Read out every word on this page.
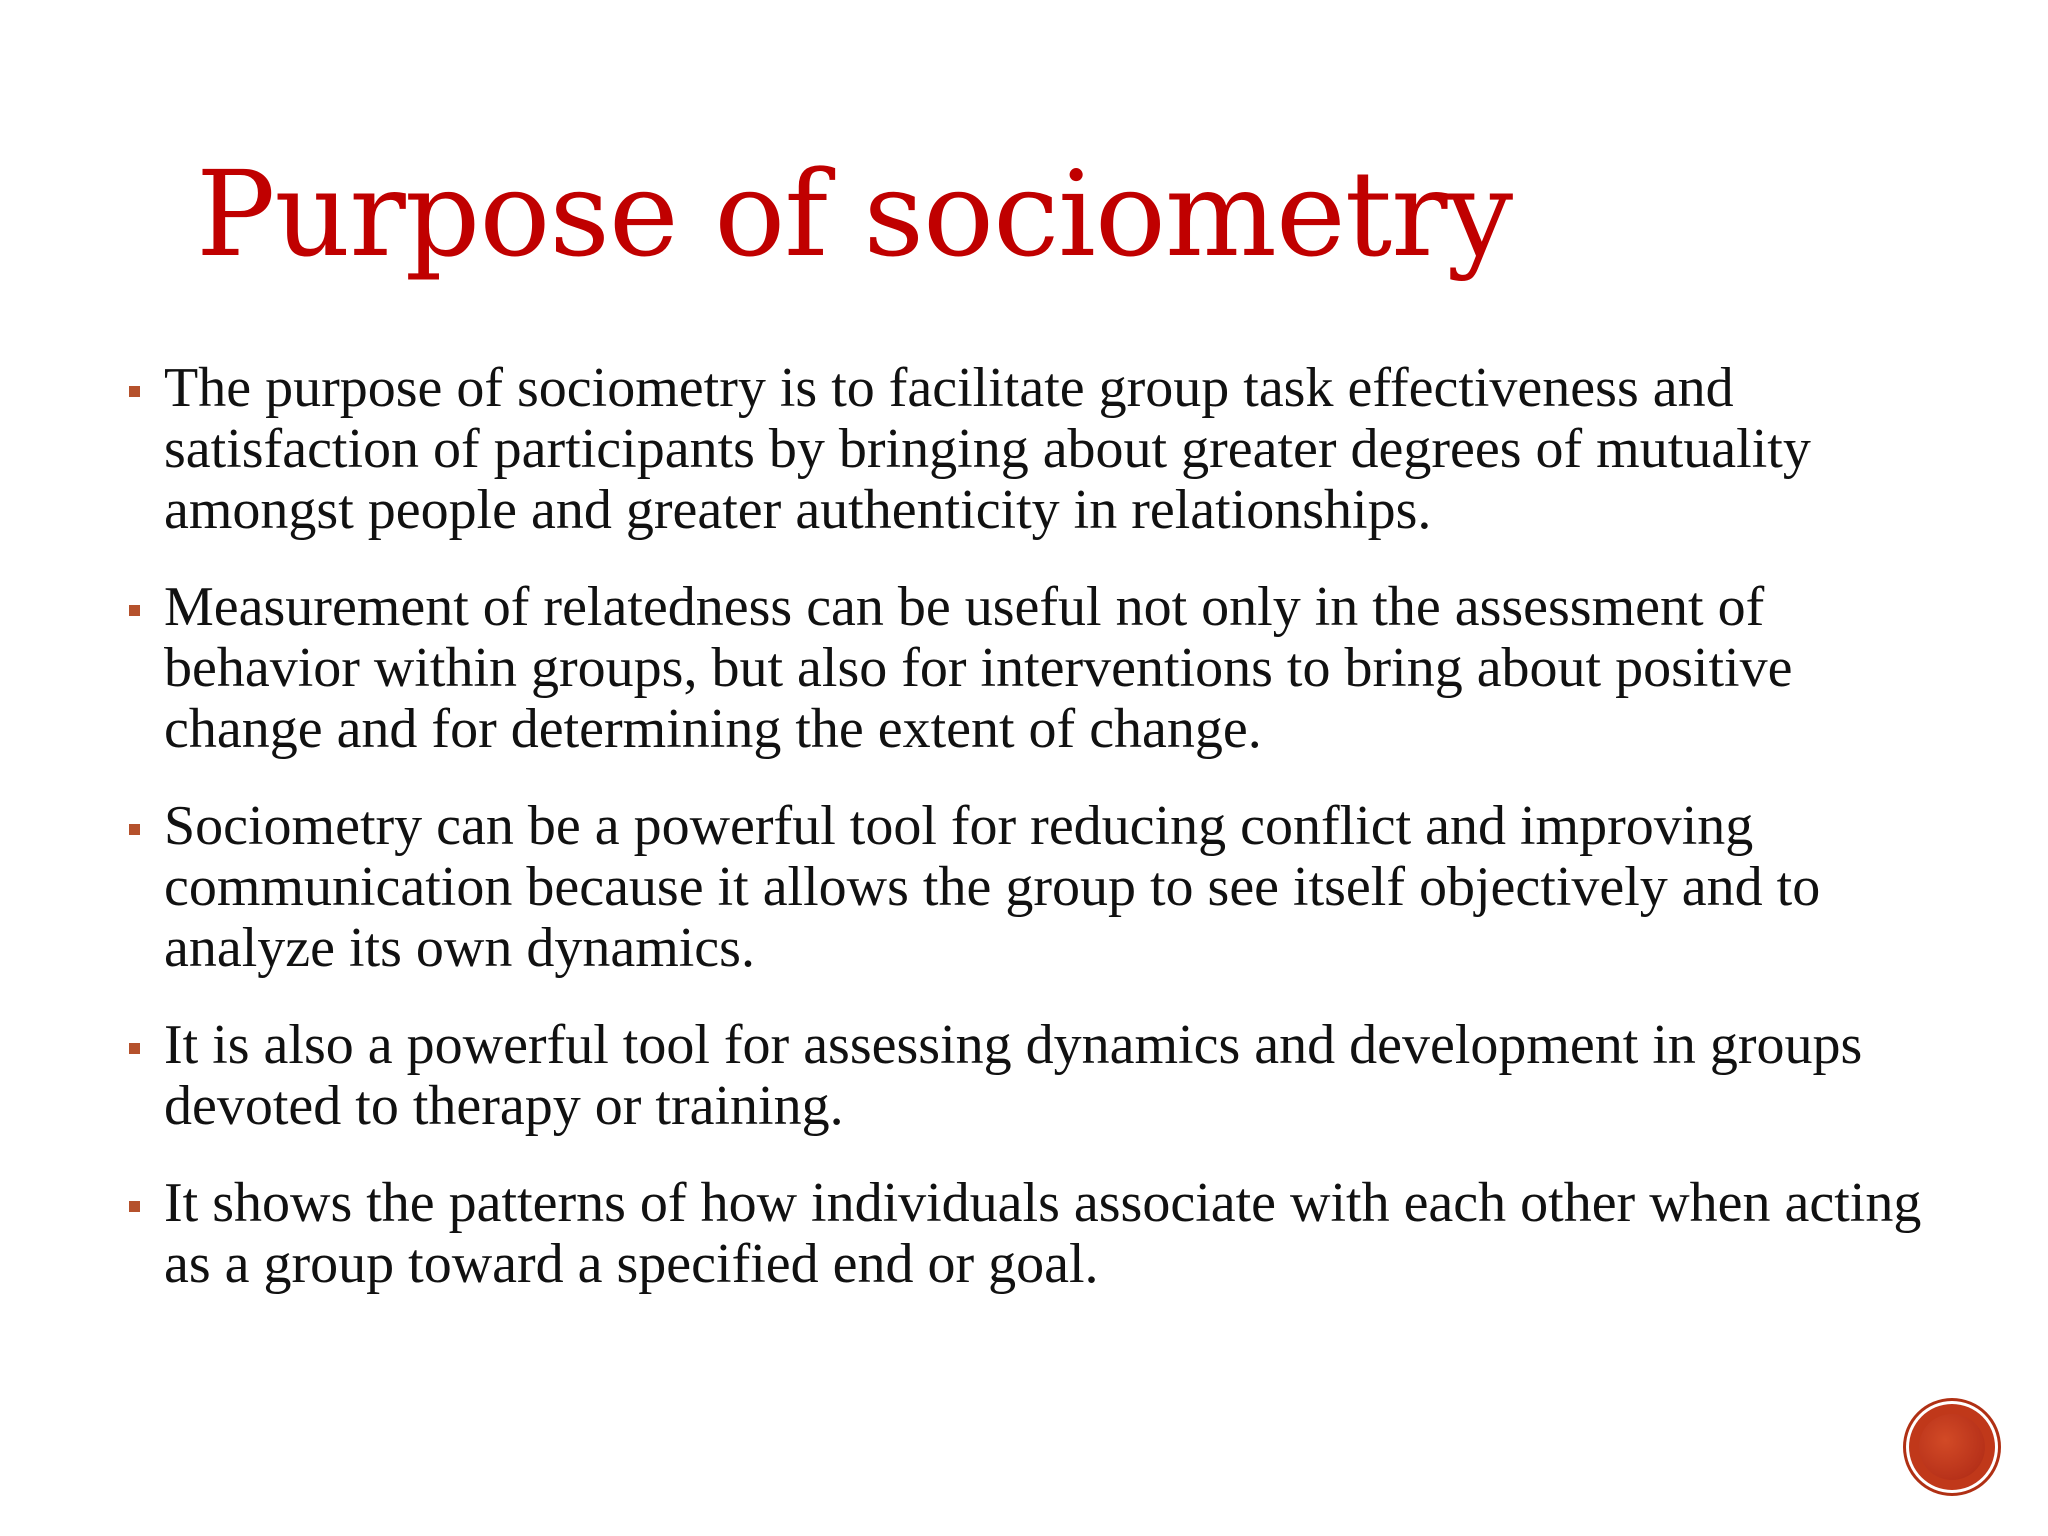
Purpose of sociometry
The purpose of sociometry is to facilitate group task effectiveness and satisfaction of participants by bringing about greater degrees of mutuality amongst people and greater authenticity in relationships.
Measurement of relatedness can be useful not only in the assessment of behavior within groups, but also for interventions to bring about positive change and for determining the extent of change.
Sociometry can be a powerful tool for reducing conflict and improving communication because it allows the group to see itself objectively and to analyze its own dynamics.
It is also a powerful tool for assessing dynamics and development in groups devoted to therapy or training.
It shows the patterns of how individuals associate with each other when acting as a group toward a specified end or goal.
